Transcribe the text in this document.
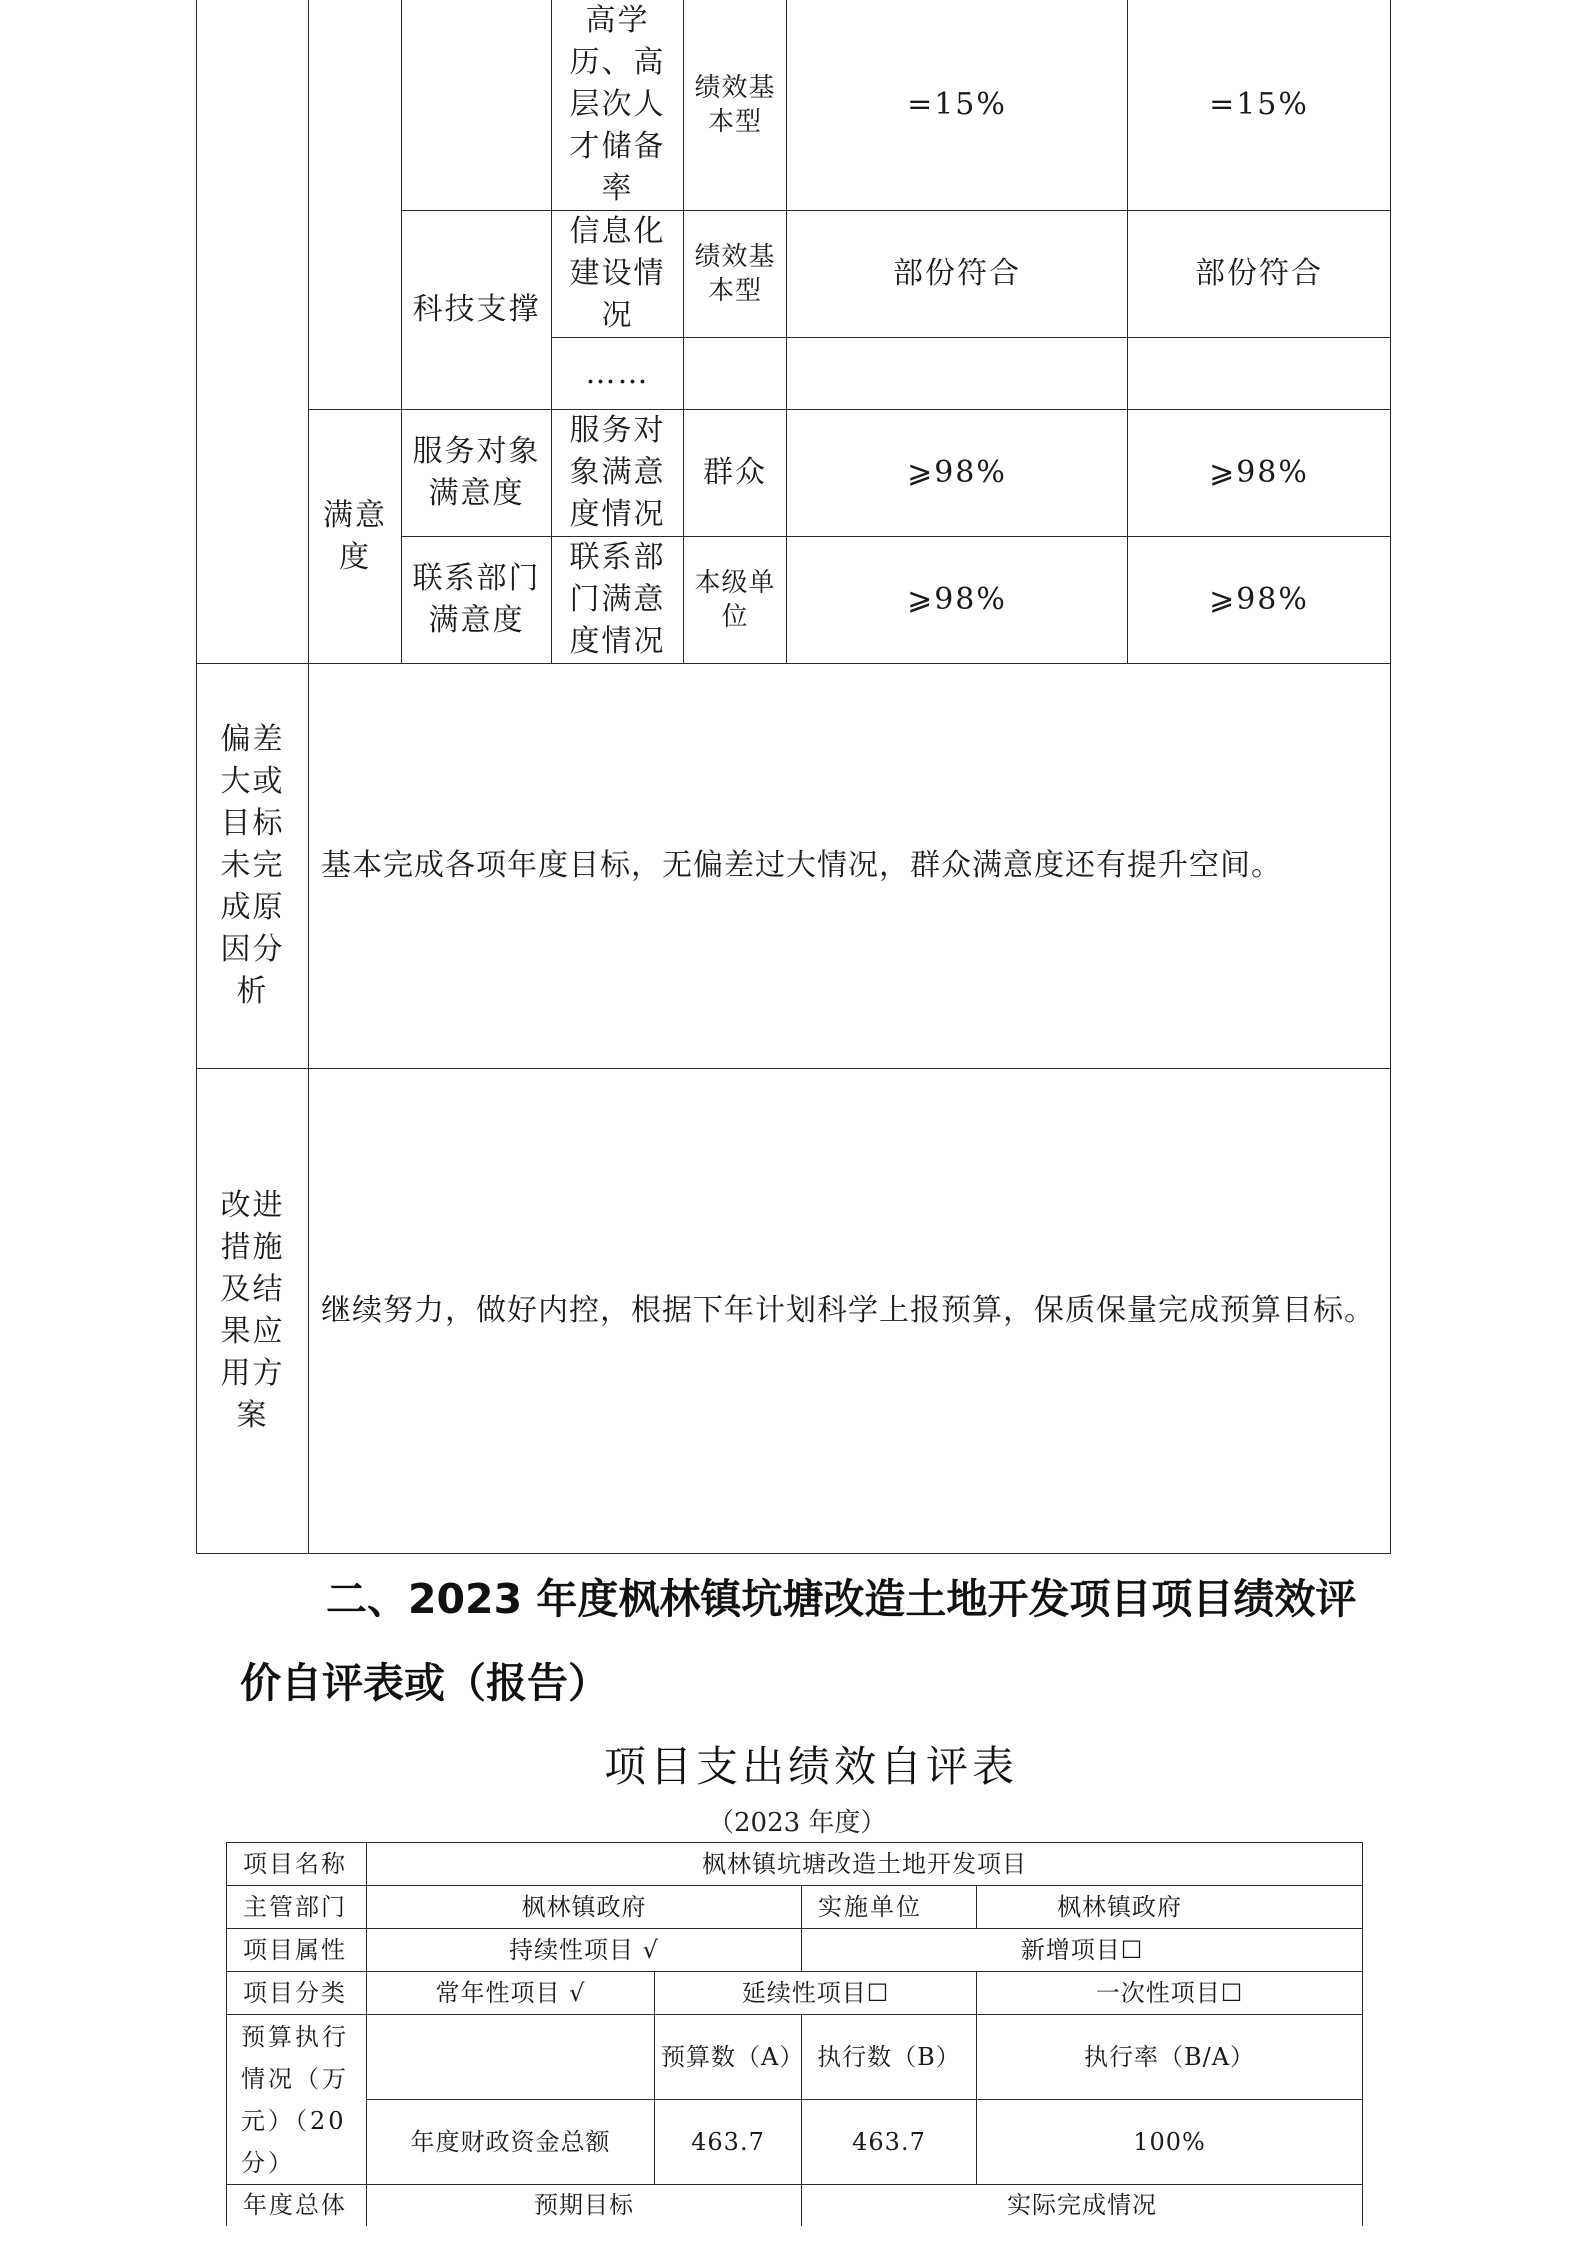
			高学历、高层次人才储备率	绩效基本型	=15%	=15%
		科技支撑	信息化建设情况	绩效基本型	部份符合	部份符合
			……			
	满意度	服务对象满意度	服务对象满意度情况	群众	⩾98%	⩾98%
		联系部门满意度	联系部门满意度情况	本级单位	⩾98%	⩾98%
偏差大或目标未完成原因分析	基本完成各项年度目标，无偏差过大情况，群众满意度还有提升空间。					
改进措施及结果应用方案	继续努力，做好内控，根据下年计划科学上报预算，保质保量完成预算目标。					
二、2023 年度枫林镇坑塘改造土地开发项目项目绩效评
价自评表或（报告）
项目支出绩效自评表
（2023 年度）
项目名称	枫林镇坑塘改造土地开发项目			
主管部门	枫林镇政府		实施单位	枫林镇政府
项目属性	持续性项目 √		新增项目☐	
项目分类	常年性项目 √	延续性项目☐		一次性项目☐
预算执行情况（万元）（20分）		预算数（A）	执行数（B）	执行率（B/A）
	年度财政资金总额	463.7	463.7	100%
年度总体	预期目标		实际完成情况	
